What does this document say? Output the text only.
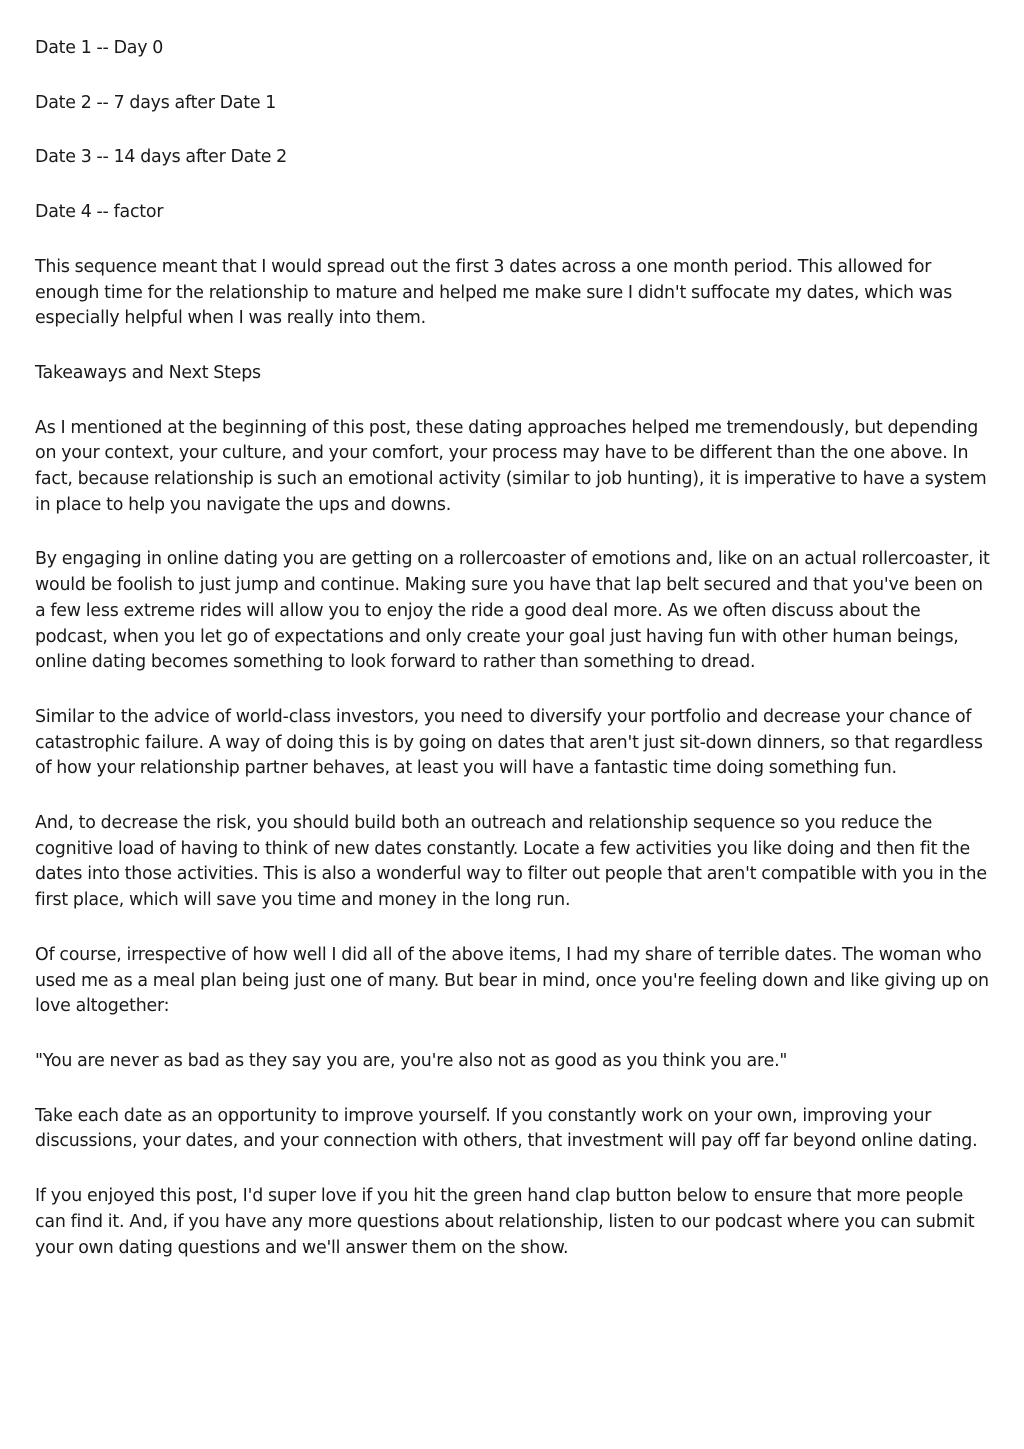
Date 1 -- Day 0

Date 2 -- 7 days after Date 1

Date 3 -- 14 days after Date 2

Date 4 -- factor

This sequence meant that I would spread out the first 3 dates across a one month period. This allowed for enough time for the relationship to mature and helped me make sure I didn't suffocate my dates, which was especially helpful when I was really into them.

Takeaways and Next Steps

As I mentioned at the beginning of this post, these dating approaches helped me tremendously, but depending on your context, your culture, and your comfort, your process may have to be different than the one above. In fact, because relationship is such an emotional activity (similar to job hunting), it is imperative to have a system in place to help you navigate the ups and downs.

By engaging in online dating you are getting on a rollercoaster of emotions and, like on an actual rollercoaster, it would be foolish to just jump and continue. Making sure you have that lap belt secured and that you've been on a few less extreme rides will allow you to enjoy the ride a good deal more. As we often discuss about the podcast, when you let go of expectations and only create your goal just having fun with other human beings, online dating becomes something to look forward to rather than something to dread.

Similar to the advice of world-class investors, you need to diversify your portfolio and decrease your chance of catastrophic failure. A way of doing this is by going on dates that aren't just sit-down dinners, so that regardless of how your relationship partner behaves, at least you will have a fantastic time doing something fun.

And, to decrease the risk, you should build both an outreach and relationship sequence so you reduce the cognitive load of having to think of new dates constantly. Locate a few activities you like doing and then fit the dates into those activities. This is also a wonderful way to filter out people that aren't compatible with you in the first place, which will save you time and money in the long run.

Of course, irrespective of how well I did all of the above items, I had my share of terrible dates. The woman who used me as a meal plan being just one of many. But bear in mind, once you're feeling down and like giving up on love altogether:

"You are never as bad as they say you are, you're also not as good as you think you are."

Take each date as an opportunity to improve yourself. If you constantly work on your own, improving your discussions, your dates, and your connection with others, that investment will pay off far beyond online dating.

If you enjoyed this post, I'd super love if you hit the green hand clap button below to ensure that more people can find it. And, if you have any more questions about relationship, listen to our podcast where you can submit your own dating questions and we'll answer them on the show.
